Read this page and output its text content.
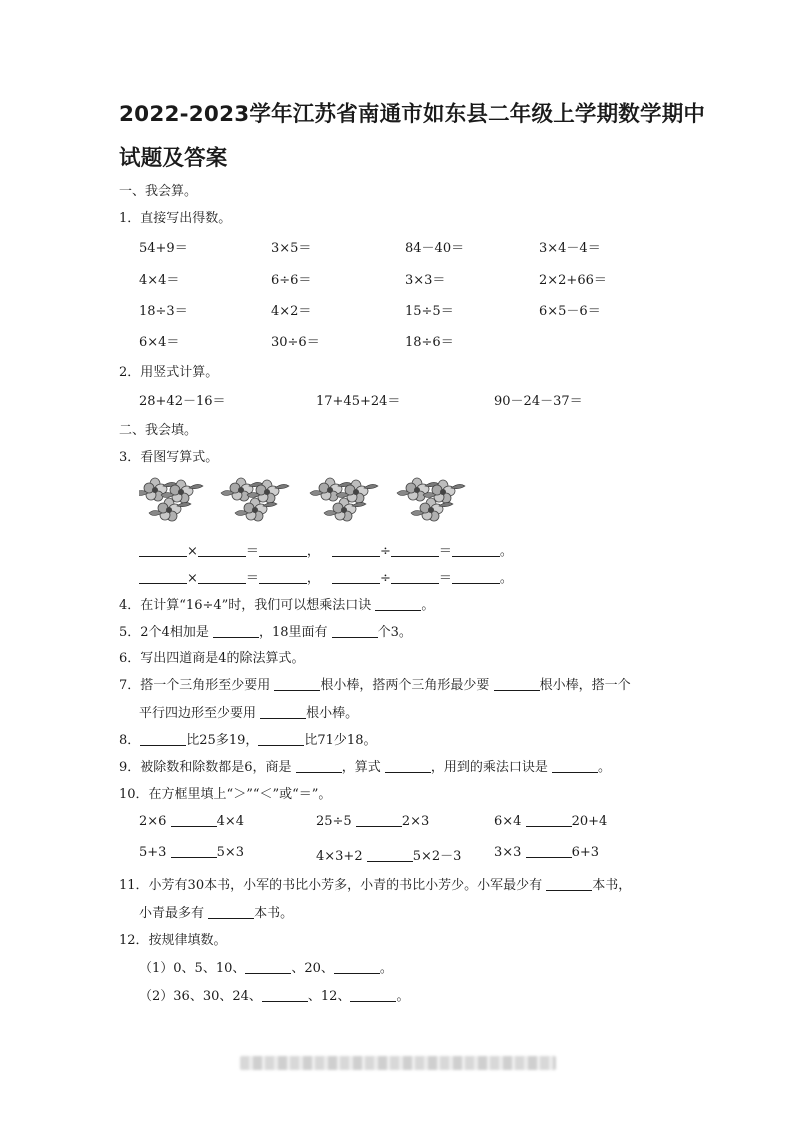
2022-2023学年江苏省南通市如东县二年级上学期数学期中
试题及答案
一、我会算。
1．直接写出得数。
54+9＝	3×5＝	84－40＝	3×4－4＝
4×4＝	6÷6＝	3×3＝	2×2+66＝
18÷3＝	4×2＝	15÷5＝	6×5－6＝
6×4＝	30÷6＝	18÷6＝
2．用竖式计算。
28+42－16＝	17+45+24＝	90－24－37＝
二、我会填。
3．看图写算式。
×	＝	，	÷	＝	。
×	＝	，	÷	＝	。
4．在计算“16÷4”时，我们可以想乘法口诀	。
5．2个4相加是	，18里面有	个3。
6．写出四道商是4的除法算式。
7．搭一个三角形至少要用	根小棒，搭两个三角形最少要	根小棒，搭一个
平行四边形至少要用	根小棒。
8．	比25多19，	比71少18。
9．被除数和除数都是6，商是	，算式	，用到的乘法口诀是	。
10．在方框里填上“＞”“＜”或“＝”。
2×6	4×4	25÷5	2×3	6×4	20+4
5+3	5×3	4×3+2	5×2－3	3×3	6+3
11．小芳有30本书，小军的书比小芳多，小青的书比小芳少。小军最少有	本书，
小青最多有	本书。
12．按规律填数。
（1）0、5、10、	、20、	。
（2）36、30、24、	、12、	。
